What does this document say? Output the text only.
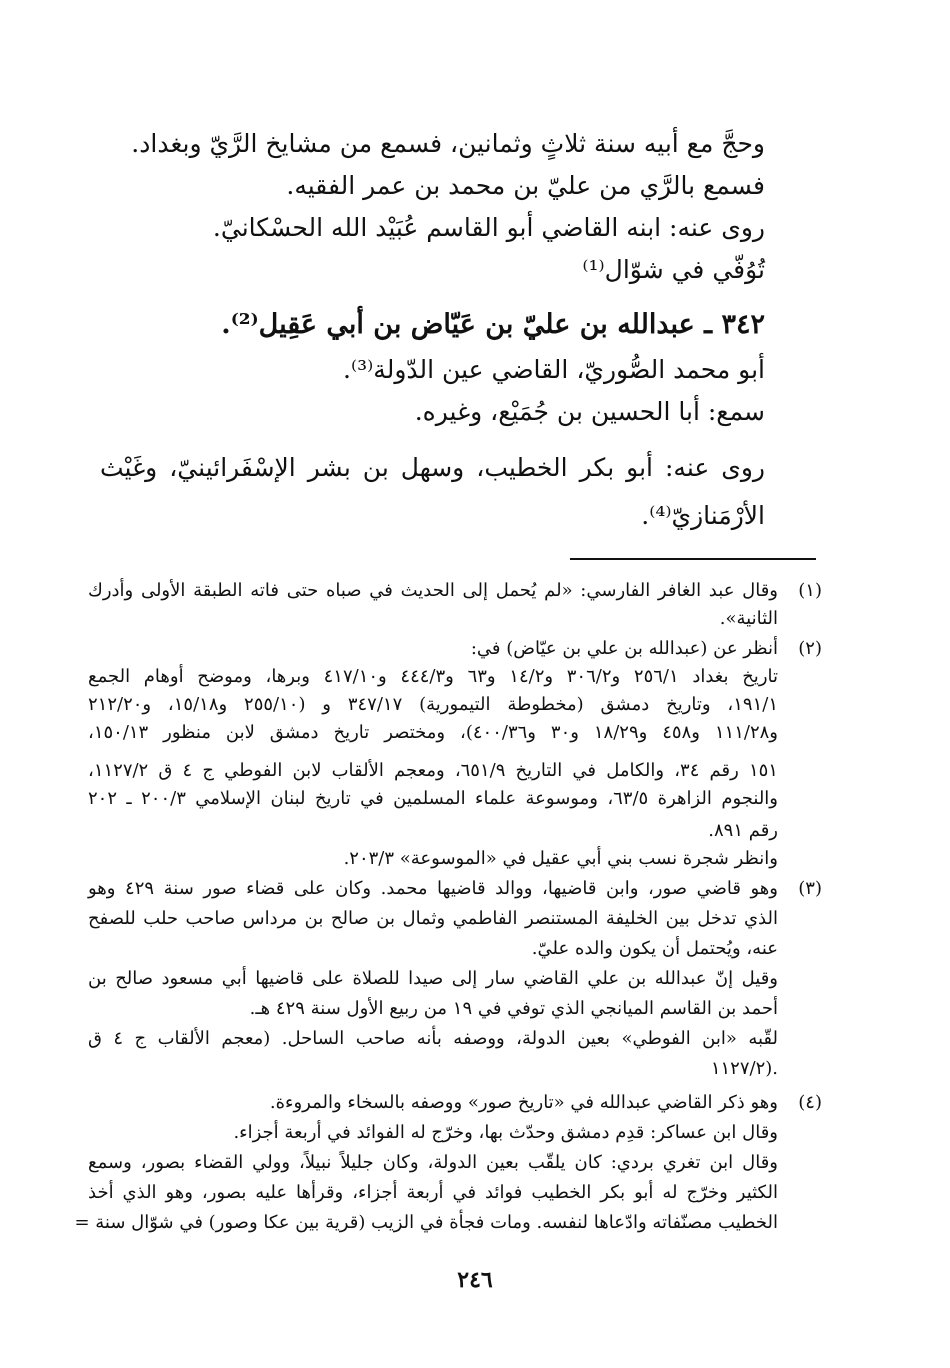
وحجَّ مع أبيه سنة ثلاثٍ وثمانين، فسمع من مشايخ الرَّيّ وبغداد.
فسمع بالرَّي من عليّ بن محمد بن عمر الفقيه.
روى عنه: ابنه القاضي أبو القاسم عُبَيْد الله الحسْكانيّ.
تُوُفّي في شوّال⁽¹⁾
٣٤٢ ـ عبدالله بن عليّ بن عَيّاض بن أبي عَقِيل⁽²⁾.
أبو محمد الصُّوريّ، القاضي عين الدّولة⁽³⁾.
سمع: أبا الحسين بن جُمَيْع، وغيره.
روى عنه: أبو بكر الخطيب، وسهل بن بشر الإسْفَرائينيّ، وغَيْث
الأرْمَنازيّ⁽⁴⁾.
(١)
وقال عبد الغافر الفارسي: «لم يُحمل إلى الحديث في صباه حتى فاته الطبقة الأولى وأدرك
الثانية».
(٢)
أنظر عن (عبدالله بن علي بن عيّاض) في:
تاريخ بغداد ٢٥٦/١ و٣٠٦/٢ و١٤/٢ و٦٣ و٤٤٤/٣ و٤١٧/١٠ وبرها، وموضح أوهام الجمع
١٩١/١، وتاريخ دمشق (مخطوطة التيمورية) ٣٤٧/١٧ و (٢٥٥/١٠ و١٥/١٨، و٢١٢/٢٠
و١١١/٢٨ و٤٥٨ و١٨/٢٩ و٣٠ و٤٠٠/٣٦)، ومختصر تاريخ دمشق لابن منظور ١٥٠/١٣،
١٥١ رقم ٣٤، والكامل في التاريخ ٦٥١/٩، ومعجم الألقاب لابن الفوطي ج ٤ ق ١١٢٧/٢،
والنجوم الزاهرة ٦٣/٥، وموسوعة علماء المسلمين في تاريخ لبنان الإسلامي ٢٠٠/٣ ـ ٢٠٢
رقم ٨٩١.
وانظر شجرة نسب بني أبي عقيل في «الموسوعة» ٢٠٣/٣.
(٣)
وهو قاضي صور، وابن قاضيها، ووالد قاضيها محمد. وكان على قضاء صور سنة ٤٢٩ وهو
الذي تدخل بين الخليفة المستنصر الفاطمي وثمال بن صالح بن مرداس صاحب حلب للصفح
عنه، ويُحتمل أن يكون والده عليّ.
وقيل إنّ عبدالله بن علي القاضي سار إلى صيدا للصلاة على قاضيها أبي مسعود صالح بن
أحمد بن القاسم الميانجي الذي توفي في ١٩ من ربيع الأول سنة ٤٢٩ هـ.
لقّبه «ابن الفوطي» بعين الدولة، ووصفه بأنه صاحب الساحل. (معجم الألقاب ج ٤ ق
١١٢٧/٢).
(٤)
وهو ذكر القاضي عبدالله في «تاريخ صور» ووصفه بالسخاء والمروءة.
وقال ابن عساكر: قدِم دمشق وحدّث بها، وخرّج له الفوائد في أربعة أجزاء.
وقال ابن تغري بردي: كان يلقّب بعين الدولة، وكان جليلاً نبيلاً، وولي القضاء بصور، وسمع
الكثير وخرّج له أبو بكر الخطيب فوائد في أربعة أجزاء، وقرأها عليه بصور، وهو الذي أخذ
الخطيب مصنّفاته وادّعاها لنفسه. ومات فجأة في الزيب (قرية بين عكا وصور) في شوّال سنة =
٢٤٦
